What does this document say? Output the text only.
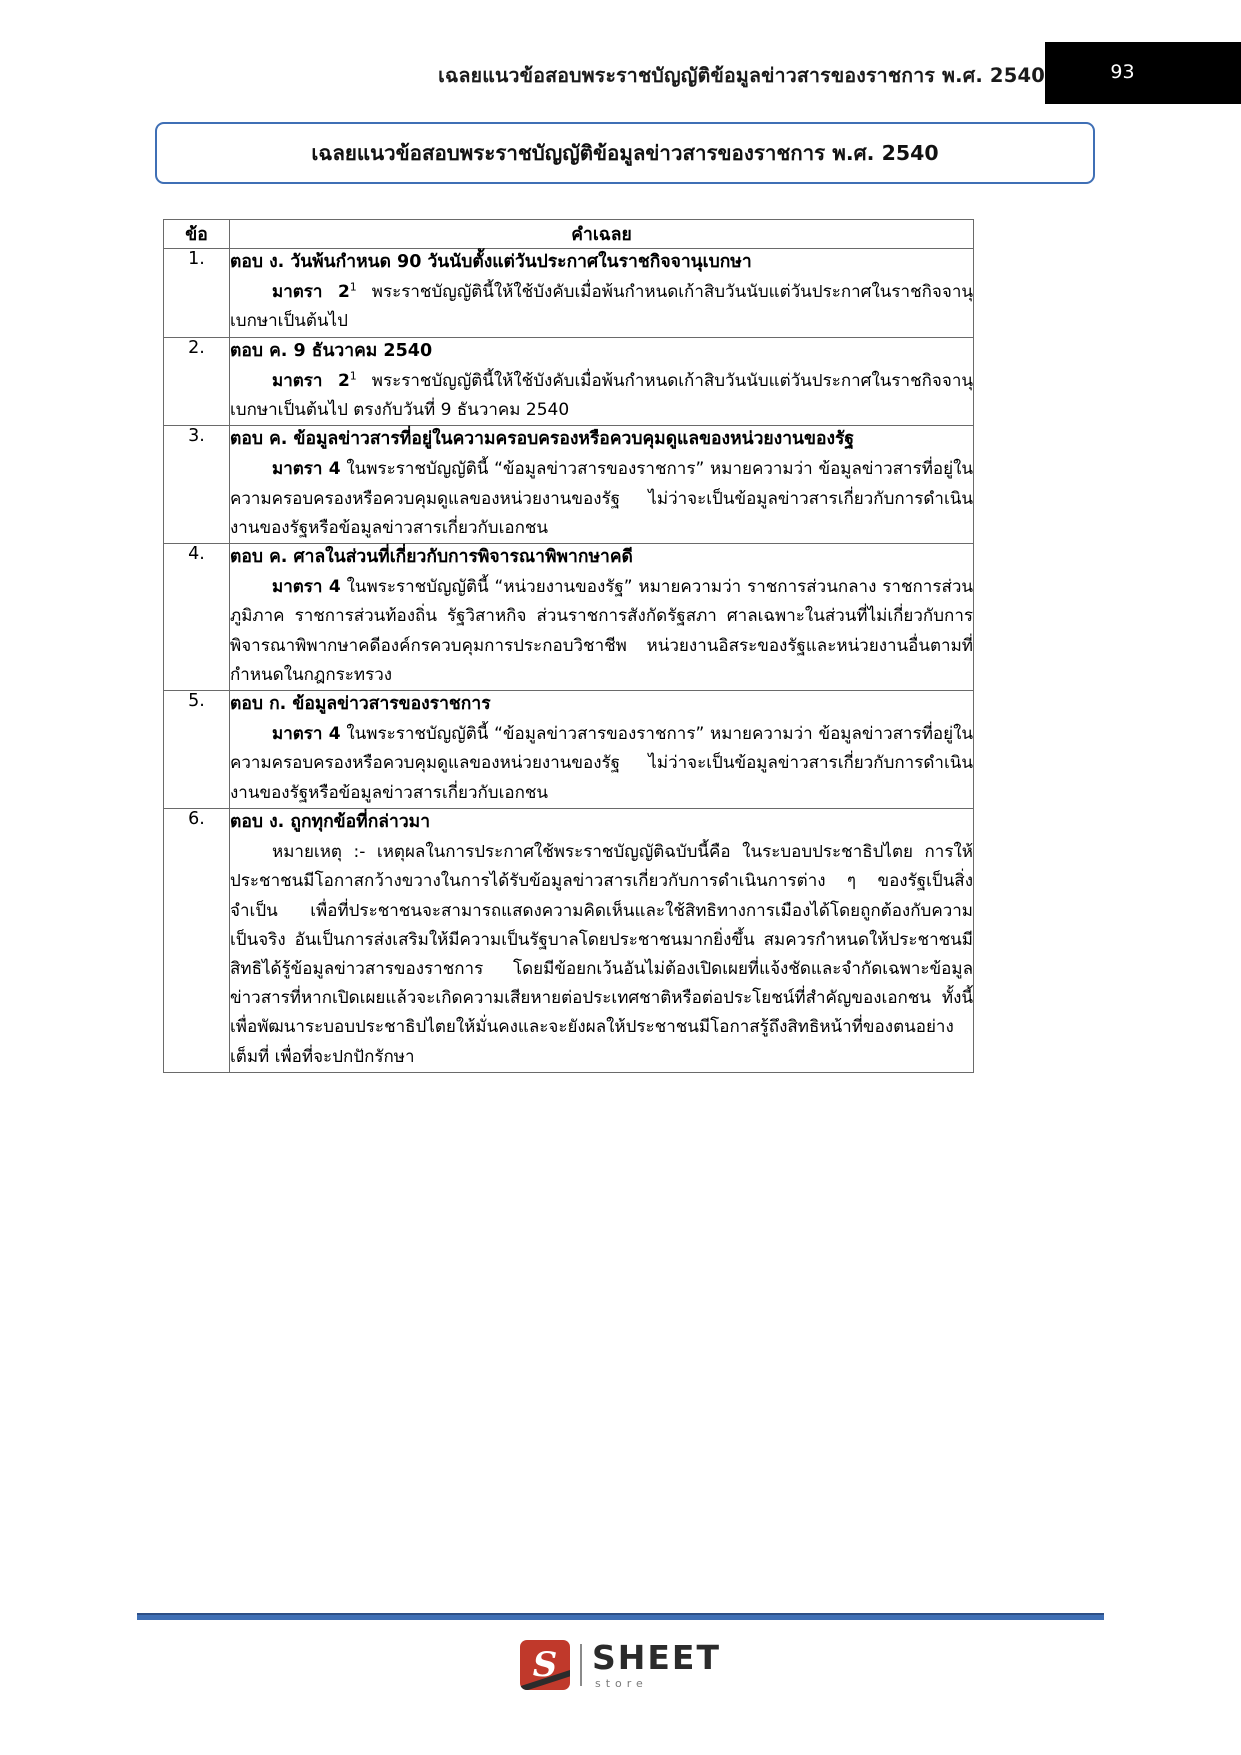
เฉลยแนวข้อสอบพระราชบัญญัติข้อมูลข่าวสารของราชการ พ.ศ. 2540	93
เฉลยแนวข้อสอบพระราชบัญญัติข้อมูลข่าวสารของราชการ พ.ศ. 2540
ข้อ	คำเฉลย
1.	ตอบ ง. วันพ้นกำหนด 90 วันนับตั้งแต่วันประกาศในราชกิจจานุเบกษา

มาตรา $2^1$ พระราชบัญญัตินี้ให้ใช้บังคับเมื่อพ้นกำหนดเก้าสิบวันนับแต่วันประกาศในราชกิจจานุเบกษาเป็นต้นไป

2.	ตอบ ค. 9 ธันวาคม 2540

มาตรา $2^1$ พระราชบัญญัตินี้ให้ใช้บังคับเมื่อพ้นกำหนดเก้าสิบวันนับแต่วันประกาศในราชกิจจานุเบกษาเป็นต้นไป ตรงกับวันที่ 9 ธันวาคม 2540

3.	ตอบ ค. ข้อมูลข่าวสารที่อยู่ในความครอบครองหรือควบคุมดูแลของหน่วยงานของรัฐ

มาตรา 4 ในพระราชบัญญัตินี้ “ข้อมูลข่าวสารของราชการ” หมายความว่า ข้อมูลข่าวสารที่อยู่ในความครอบครองหรือควบคุมดูแลของหน่วยงานของรัฐ ไม่ว่าจะเป็นข้อมูลข่าวสารเกี่ยวกับการดำเนินงานของรัฐหรือข้อมูลข่าวสารเกี่ยวกับเอกชน

4.	ตอบ ค. ศาลในส่วนที่เกี่ยวกับการพิจารณาพิพากษาคดี

มาตรา 4 ในพระราชบัญญัตินี้ “หน่วยงานของรัฐ” หมายความว่า ราชการส่วนกลาง ราชการส่วนภูมิภาค ราชการส่วนท้องถิ่น รัฐวิสาหกิจ ส่วนราชการสังกัดรัฐสภา ศาลเฉพาะในส่วนที่ไม่เกี่ยวกับการพิจารณาพิพากษาคดีองค์กรควบคุมการประกอบวิชาชีพ หน่วยงานอิสระของรัฐและหน่วยงานอื่นตามที่กำหนดในกฎกระทรวง

5.	ตอบ ก. ข้อมูลข่าวสารของราชการ

มาตรา 4 ในพระราชบัญญัตินี้ “ข้อมูลข่าวสารของราชการ” หมายความว่า ข้อมูลข่าวสารที่อยู่ในความครอบครองหรือควบคุมดูแลของหน่วยงานของรัฐ ไม่ว่าจะเป็นข้อมูลข่าวสารเกี่ยวกับการดำเนินงานของรัฐหรือข้อมูลข่าวสารเกี่ยวกับเอกชน

6.	ตอบ ง. ถูกทุกข้อที่กล่าวมา

หมายเหตุ :- เหตุผลในการประกาศใช้พระราชบัญญัติฉบับนี้คือ ในระบอบประชาธิปไตย การให้ประชาชนมีโอกาสกว้างขวางในการได้รับข้อมูลข่าวสารเกี่ยวกับการดำเนินการต่าง ๆ ของรัฐเป็นสิ่งจำเป็น เพื่อที่ประชาชนจะสามารถแสดงความคิดเห็นและใช้สิทธิทางการเมืองได้โดยถูกต้องกับความเป็นจริง อันเป็นการส่งเสริมให้มีความเป็นรัฐบาลโดยประชาชนมากยิ่งขึ้น สมควรกำหนดให้ประชาชนมีสิทธิได้รู้ข้อมูลข่าวสารของราชการ โดยมีข้อยกเว้นอันไม่ต้องเปิดเผยที่แจ้งชัดและจำกัดเฉพาะข้อมูลข่าวสารที่หากเปิดเผยแล้วจะเกิดความเสียหายต่อประเทศชาติหรือต่อประโยชน์ที่สำคัญของเอกชน ทั้งนี้เพื่อพัฒนาระบอบประชาธิปไตยให้มั่นคงและจะยังผลให้ประชาชนมีโอกาสรู้ถึงสิทธิหน้าที่ของตนอย่างเต็มที่ เพื่อที่จะปกปักรักษา

S	SHEET
store
